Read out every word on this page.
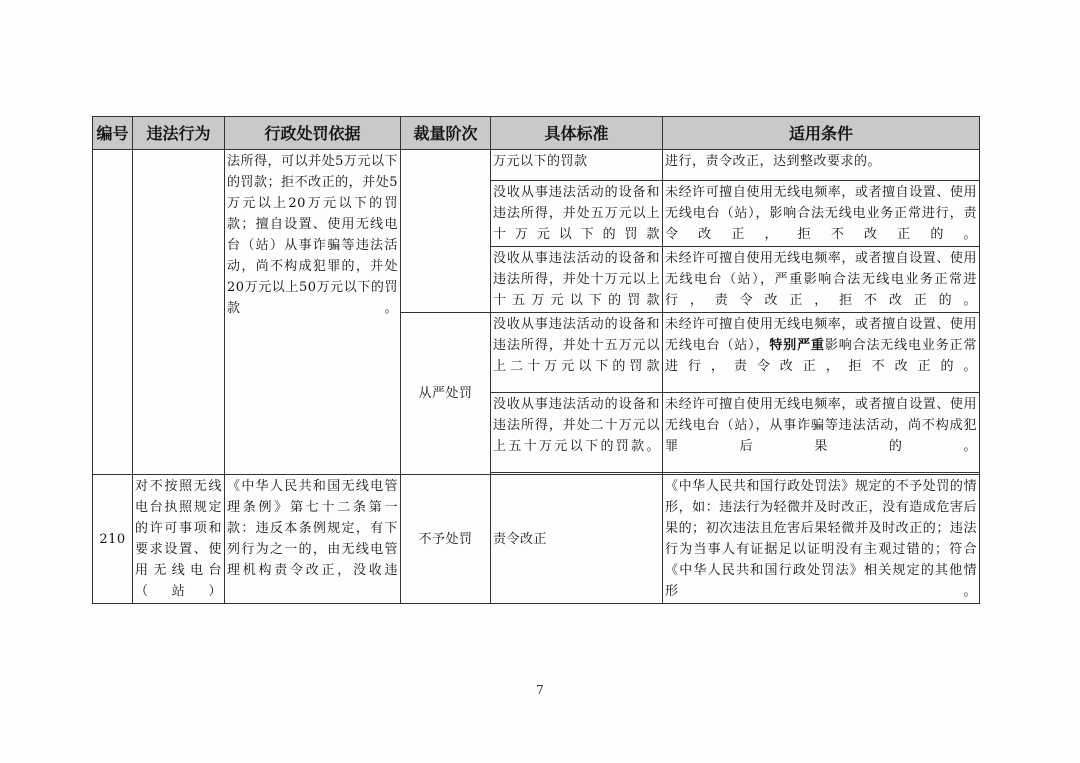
编号	违法行为	行政处罚依据	裁量阶次	具体标准	适用条件
		法所得，可以并处5万元以下的罚款；拒不改正的，并处5万元以上20万元以下的罚款；擅自设置、使用无线电台（站）从事诈骗等违法活动，尚不构成犯罪的，并处20万元以上50万元以下的罚款。		万元以下的罚款	进行，责令改正，达到整改要求的。
				没收从事违法活动的设备和违法所得，并处五万元以上十万元以下的罚款	未经许可擅自使用无线电频率，或者擅自设置、使用无线电台（站），影响合法无线电业务正常进行，责令改正，拒不改正的。
				没收从事违法活动的设备和违法所得，并处十万元以上十五万元以下的罚款	未经许可擅自使用无线电频率，或者擅自设置、使用无线电台（站），严重影响合法无线电业务正常进行，责令改正，拒不改正的。
			从严处罚	没收从事违法活动的设备和违法所得，并处十五万元以上二十万元以下的罚款	未经许可擅自使用无线电频率，或者擅自设置、使用无线电台（站），特别严重影响合法无线电业务正常进行，责令改正，拒不改正的。
				没收从事违法活动的设备和违法所得，并处二十万元以上五十万元以下的罚款。	未经许可擅自使用无线电频率，或者擅自设置、使用无线电台（站），从事诈骗等违法活动，尚不构成犯罪后果的。

210	对不按照无线电台执照规定的许可事项和要求设置、使用无线电台（站）	《中华人民共和国无线电管理条例》第七十二条第一款：违反本条例规定，有下列行为之一的，由无线电管理机构责令改正，没收违	不予处罚	责令改正	《中华人民共和国行政处罚法》规定的不予处罚的情形，如：违法行为轻微并及时改正，没有造成危害后果的；初次违法且危害后果轻微并及时改正的；违法行为当事人有证据足以证明没有主观过错的；符合《中华人民共和国行政处罚法》相关规定的其他情形。
7
